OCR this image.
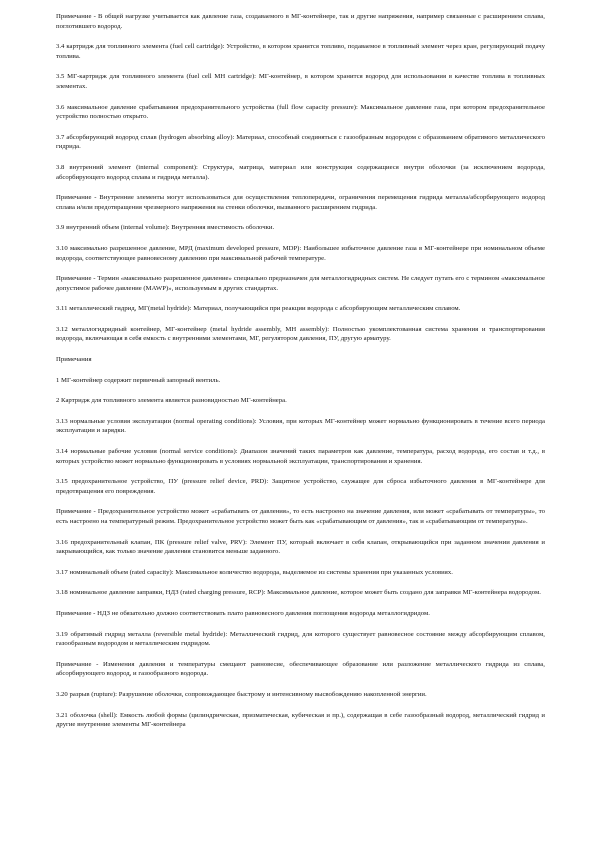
Примечание - В общей нагрузке учитывается как давление газа, создаваемого в МГ-контейнере, так и другие напряжения, например связанные с расширением сплава, поглотившего водород.

3.4 картридж для топливного элемента (fuel cell cartridge): Устройство, в котором хранится топливо, подаваемое в топливный элемент через кран, регулирующий подачу топлива.

3.5 МГ-картридж для топливного элемента (fuel cell MH cartridge): МГ-контейнер, в котором хранится водород для использования в качестве топлива в топливных элементах.

3.6 максимальное давление срабатывания предохранительного устройства (full flow capacity pressure): Максимальное давление газа, при котором предохранительное устройство полностью открыто.

3.7 абсорбирующий водород сплав (hydrogen absorbing alloy): Материал, способный соединяться с газообразным водородом с образованием обратимого металлического гидрида.

3.8 внутренний элемент (internal component): Структура, матрица, материал или конструкция содержащиеся внутри оболочки (за исключением водорода, абсорбирующего водород сплава и гидрида металла).

Примечание - Внутренние элементы могут использоваться для осуществления теплопередачи, ограничения перемещения гидрида металла/абсорбирующего водород сплава и/или предотвращения чрезмерного напряжения на стенки оболочки, вызванного расширением гидрида.

3.9 внутренний объем (internal volume): Внутренняя вместимость оболочки.

3.10 максимально разрешенное давление, МРД (maximum developed pressure, MDP): Наибольшее избыточное давление газа в МГ-контейнере при номинальном объеме водорода, соответствующее равновесному давлению при максимальной рабочей температуре.

Примечание - Термин «максимально разрешенное давление» специально предназначен для металлогидридных систем. Не следует путать его с термином «максимальное допустимое рабочее давление (MAWP)», используемым в других стандартах.

3.11 металлический гидрид, МГ(metal hydride): Материал, получающийся при реакции водорода с абсорбирующим металлическим сплавом.

3.12 металлогидридный контейнер, МГ-контейнер (metal hydride assembly, MH assembly): Полностью укомплектованная система хранения и транспортирования водорода, включающая в себя емкость с внутренними элементами, МГ, регулятором давления, ПУ, другую арматуру.

Примечания

1 МГ-контейнер содержит первичный запорный вентиль.

2 Картридж для топливного элемента является разновидностью МГ-контейнера.

3.13 нормальные условия эксплуатации (normal operating conditions): Условия, при которых МГ-контейнер может нормально функционировать в течение всего периода эксплуатации и зарядки.

3.14 нормальные рабочие условия (normal service conditions): Диапазон значений таких параметров как давление, температура, расход водорода, его состав и т.д., в которых устройство может нормально функционировать в условиях нормальной эксплуатации, транспортирования и хранения.

3.15 предохранительное устройство, ПУ (pressure relief device, PRD): Защитное устройство, служащее для сброса избыточного давления в МГ-контейнере для предотвращения его повреждения.

Примечание - Предохранительное устройство может «срабатывать от давления», то есть настроено на значение давления, или может «срабатывать от температуры», то есть настроено на температурный режим. Предохранительное устройство может быть как «срабатывающим от давления», так и «срабатывающим от температуры».

3.16 предохранительный клапан, ПК (pressure relief valve, PRV): Элемент ПУ, который включает в себя клапан, открывающийся при заданном значении давления и закрывающийся, как только значение давления становится меньше заданного.

3.17 номинальный объем (rated capacity): Максимальное количество водорода, выделяемое из системы хранения при указанных условиях.

3.18 номинальное давление заправки, НДЗ (rated charging pressure, RCP): Максимальное давление, которое может быть создано для заправки МГ-контейнера водородом.

Примечание - НДЗ не обязательно должно соответствовать плато равновесного давления поглощения водорода металлогидридом.

3.19 обратимый гидрид металла (reversible metal hydride): Металлический гидрид, для которого существует равновесное состояние между абсорбирующим сплавом, газообразным водородом и металлическим гидридом.

Примечание - Изменения давления и температуры смещают равновесие, обеспечивающее образование или разложение металлического гидрида из сплава, абсорбирующего водород, и газообразного водорода.

3.20 разрыв (rupture): Разрушение оболочки, сопровождающее быстрому и интенсивному высвобождению накопленной энергии.

3.21 оболочка (shell): Емкость любой формы (цилиндрическая, призматическая, кубическая и пр.), содержащая в себе газообразный водород, металлический гидрид и другие внутренние элементы МГ-контейнера
